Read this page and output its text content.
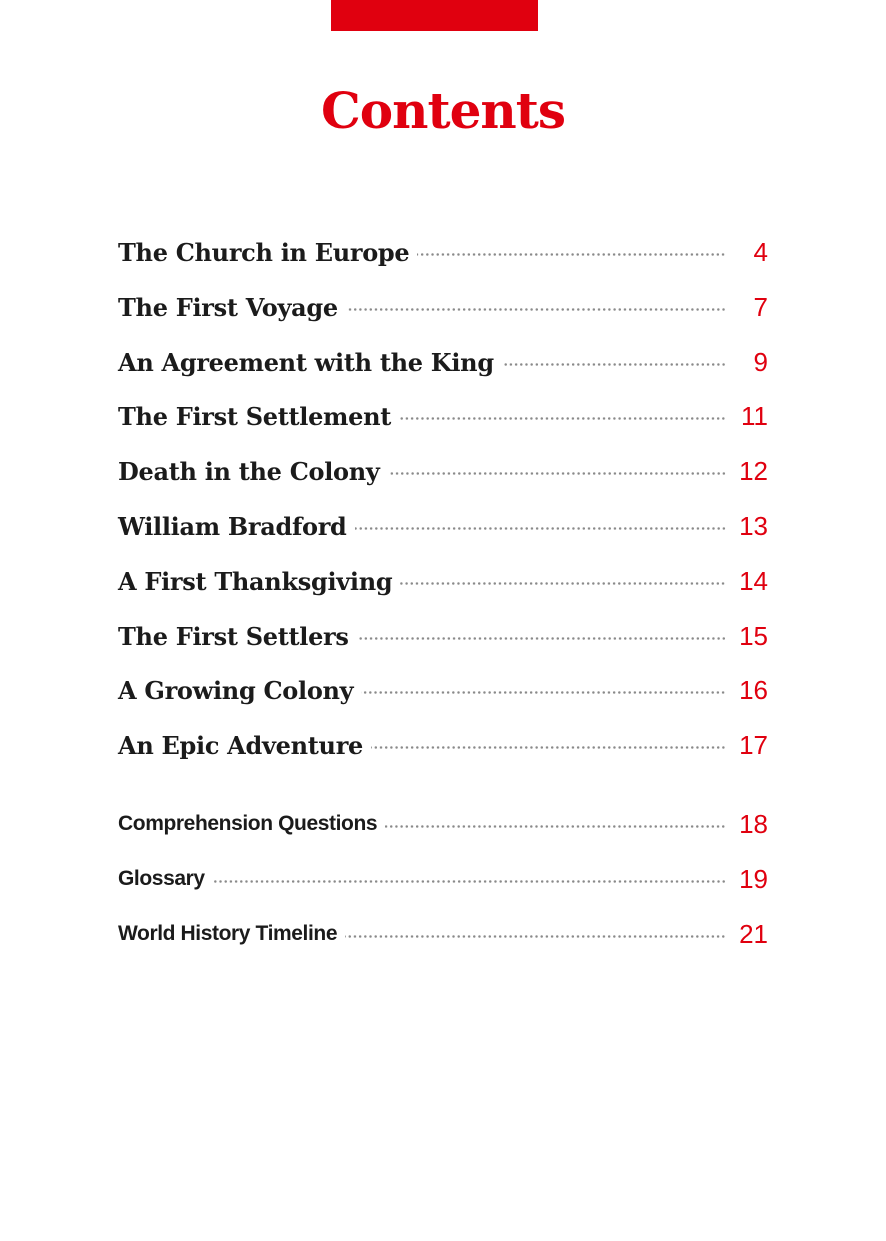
Contents
The Church in Europe	4
The First Voyage	7
An Agreement with the King	9
The First Settlement	11
Death in the Colony	12
William Bradford	13
A First Thanksgiving	14
The First Settlers	15
A Growing Colony	16
An Epic Adventure	17
Comprehension Questions	18
Glossary	19
World History Timeline	21
